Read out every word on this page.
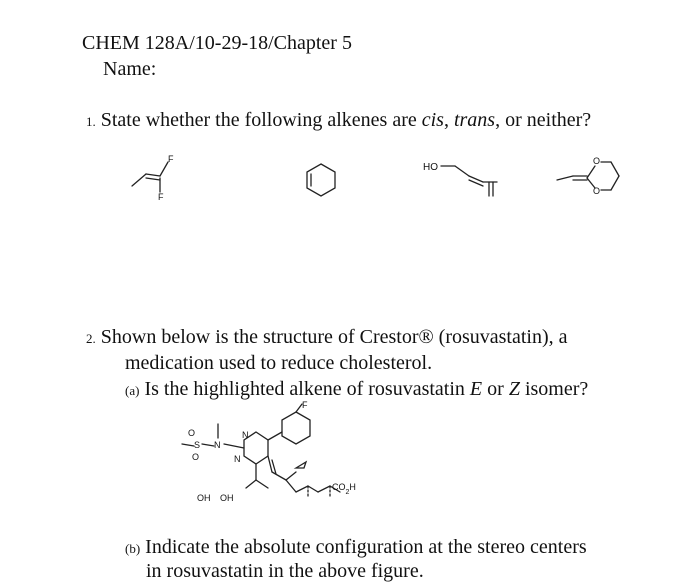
CHEM 128A/10-29-18/Chapter 5
Name:
1. State whether the following alkenes are cis, trans, or neither?
F
F
HO
O
O
2. Shown below is the structure of Crestor® (rosuvastatin), a
medication used to reduce cholesterol.
(a) Is the highlighted alkene of rosuvastatin E or Z isomer?
F
N
N
N
S
O
O
$CO_2H$
OH OH
(b) Indicate the absolute configuration at the stereo centers
in rosuvastatin in the above figure.
